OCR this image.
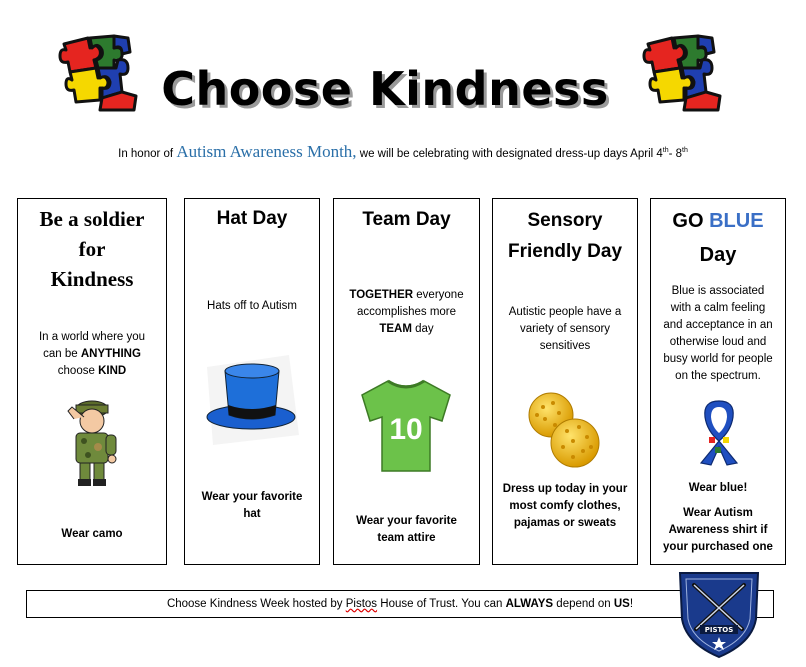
Choose Kindness
In honor of Autism Awareness Month, we will be celebrating with designated dress-up days April 4th- 8th
Be a soldier
for
Kindness
In a world where you
can be ANYTHING
choose KIND
Wear camo
Hat Day
Hats off to Autism
Wear your favorite
hat
Team Day
TOGETHER everyone
accomplishes more
TEAM day
10
Wear your favorite
team attire
Sensory
Friendly Day
Autistic people have a
variety of sensory
sensitives
Dress up today in your
most comfy clothes,
pajamas or sweats
GO BLUE
Day
Blue is associated
with a calm feeling
and acceptance in an
otherwise loud and
busy world for people
on the spectrum.
Wear blue!
Wear Autism
Awareness shirt if
your purchased one
Choose Kindness Week hosted by Pistos House of Trust. You can ALWAYS depend on US!
PISTOS
